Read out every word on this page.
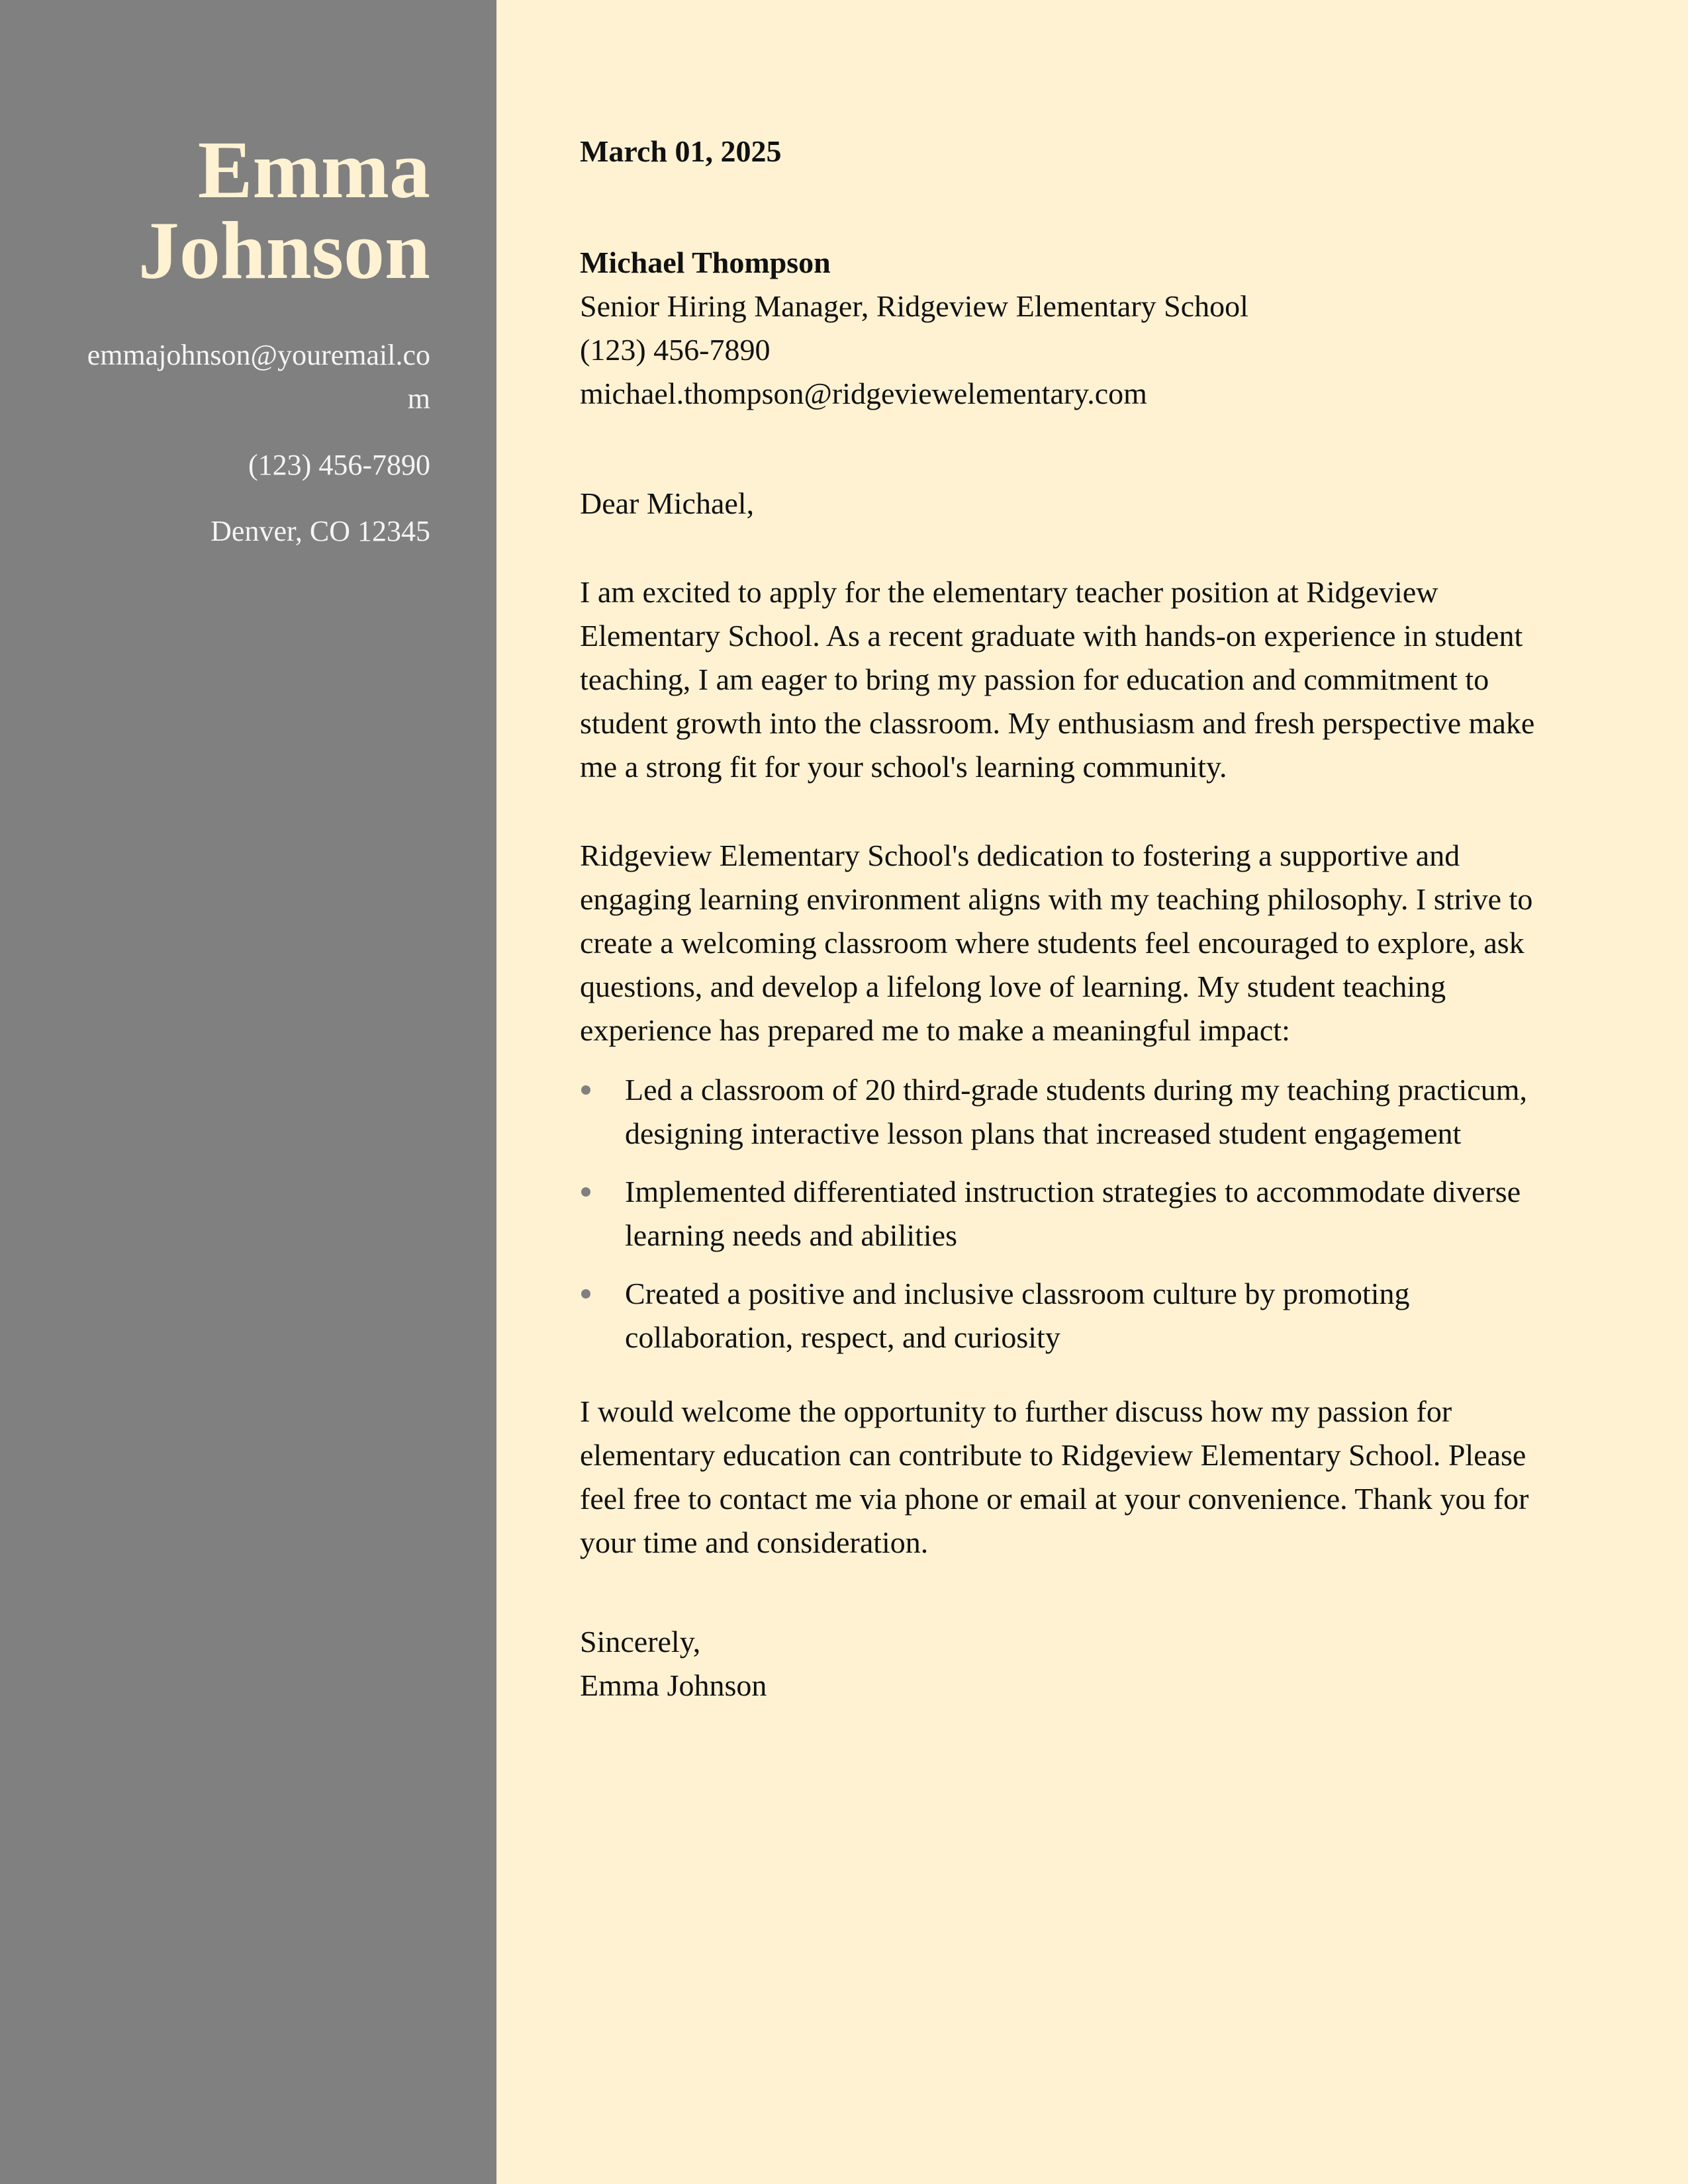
Emma
Johnson
emmajohnson@youremail.com
(123) 456-7890
Denver, CO 12345
March 01, 2025
Michael Thompson
Senior Hiring Manager, Ridgeview Elementary School
(123) 456-7890
michael.thompson@ridgeviewelementary.com
Dear Michael,

I am excited to apply for the elementary teacher position at Ridgeview Elementary School. As a recent graduate with hands-on experience in student teaching, I am eager to bring my passion for education and commitment to student growth into the classroom. My enthusiasm and fresh perspective make me a strong fit for your school's learning community.

Ridgeview Elementary School's dedication to fostering a supportive and engaging learning environment aligns with my teaching philosophy. I strive to create a welcoming classroom where students feel encouraged to explore, ask questions, and develop a lifelong love of learning. My student teaching experience has prepared me to make a meaningful impact:

Led a classroom of 20 third-grade students during my teaching practicum, designing interactive lesson plans that increased student engagement
Implemented differentiated instruction strategies to accommodate diverse learning needs and abilities
Created a positive and inclusive classroom culture by promoting collaboration, respect, and curiosity

I would welcome the opportunity to further discuss how my passion for elementary education can contribute to Ridgeview Elementary School. Please feel free to contact me via phone or email at your convenience. Thank you for your time and consideration.

Sincerely,
Emma Johnson
